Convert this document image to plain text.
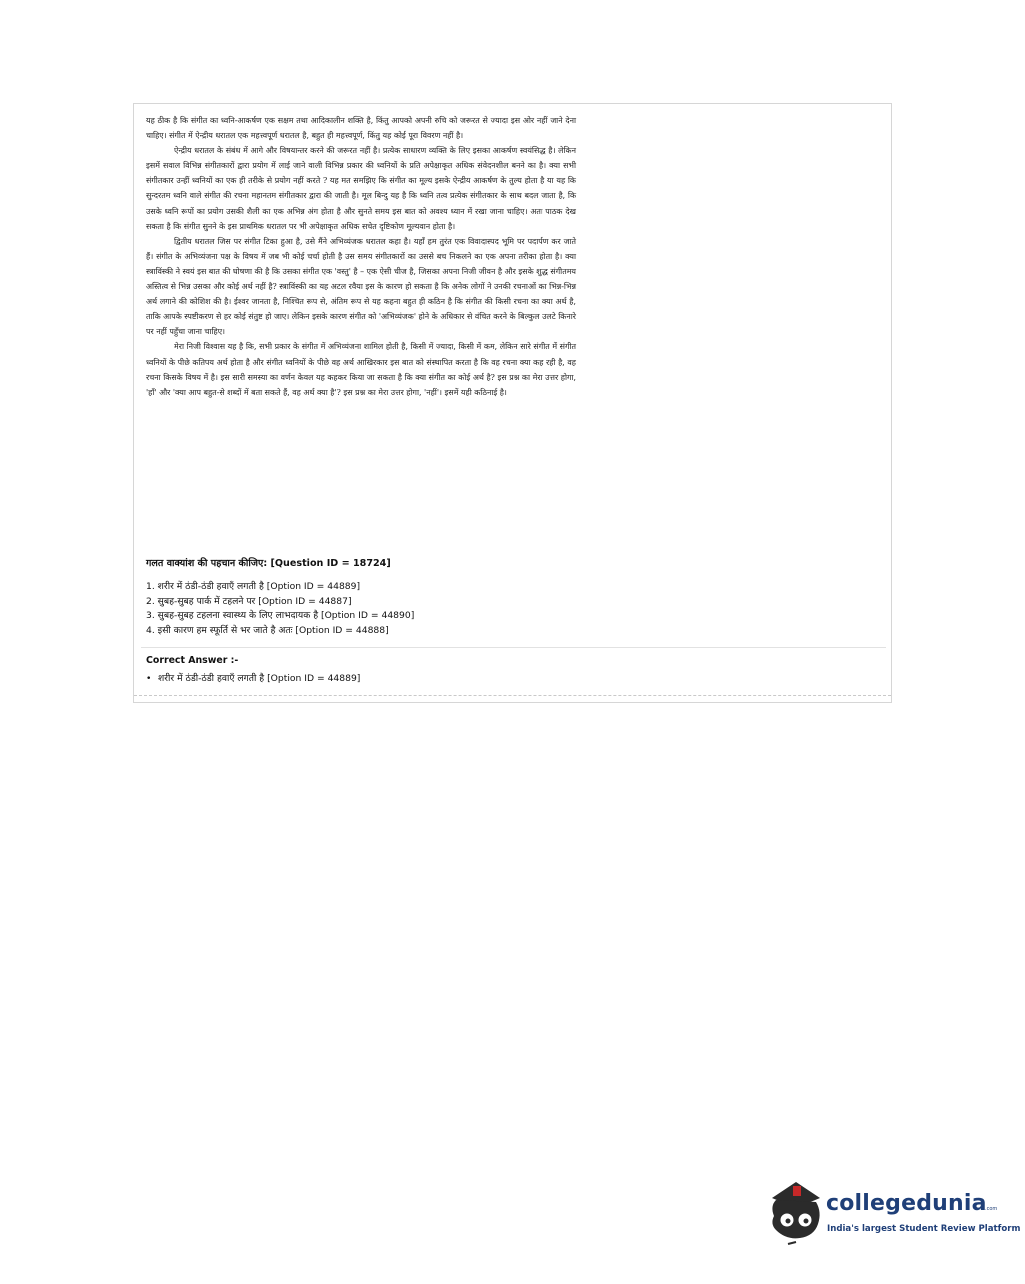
यह ठीक है कि संगीत का ध्वनि-आकर्षण एक सक्षम तथा आदिकालीन शक्ति है, किंतु आपको अपनी रुचि को जरूरत से ज्यादा इस ओर नहीं जाने देना चाहिए। संगीत में ऐन्द्रीय धरातल एक महत्त्वपूर्ण धरातल है, बहुत ही महत्त्वपूर्ण, किंतु यह कोई पूरा विवरण नहीं है।

ऐन्द्रीय धरातल के संबंध में आगे और विषयान्तर करने की जरूरत नहीं है। प्रत्येक साधारण व्यक्ति के लिए इसका आकर्षण स्वयंसिद्ध है। लेकिन इसमें सवाल विभिन्न संगीतकारों द्वारा प्रयोग में लाई जाने वाली विभिन्न प्रकार की ध्वनियों के प्रति अपेक्षाकृत अधिक संवेदनशील बनने का है। क्या सभी संगीतकार उन्हीं ध्वनियों का एक ही तरीके से प्रयोग नहीं करते ? यह मत समझिए कि संगीत का मूल्य इसके ऐन्द्रीय आकर्षण के तुल्य होता है या यह कि सुन्दरतम ध्वनि वाले संगीत की रचना महानतम संगीतकार द्वारा की जाती है। मूल बिन्दु यह है कि ध्वनि तत्व प्रत्येक संगीतकार के साथ बदल जाता है, कि उसके ध्वनि रूपों का प्रयोग उसकी शैली का एक अभिन्न अंग होता है और सुनते समय इस बात को अवश्य ध्यान में रखा जाना चाहिए। अतः पाठक देख सकता है कि संगीत सुनने के इस प्राथमिक धरातल पर भी अपेक्षाकृत अधिक सचेत दृष्टिकोण मूल्यवान होता है।

द्वितीय धरातल जिस पर संगीत टिका हुआ है, उसे मैंने अभिव्यंजक धरातल कहा है। यहाँ हम तुरंत एक विवादास्पद भूमि पर पदार्पण कर जाते हैं। संगीत के अभिव्यंजना पक्ष के विषय में जब भी कोई चर्चा होती है उस समय संगीतकारों का उससे बच निकलने का एक अपना तरीका होता है। क्या स्त्राविंस्की ने स्वयं इस बात की घोषणा की है कि उसका संगीत एक 'वस्तु' है – एक ऐसी चीज है, जिसका अपना निजी जीवन है और इसके शुद्ध संगीतमय अस्तित्व से भिन्न उसका और कोई अर्थ नहीं है? स्त्राविंस्की का यह अटल रवैया इस के कारण हो सकता है कि अनेक लोगों ने उनकी रचनाओं का भिन्न-भिन्न अर्थ लगाने की कोशिश की है। ईश्वर जानता है, निश्चित रूप से, अंतिम रूप से यह कहना बहुत ही कठिन है कि संगीत की किसी रचना का क्या अर्थ है, ताकि आपके स्पष्टीकरण से हर कोई संतुष्ट हो जाए। लेकिन इसके कारण संगीत को 'अभिव्यंजक' होने के अधिकार से वंचित करने के बिल्कुल उलटे किनारे पर नहीं पहुँचा जाना चाहिए।

मेरा निजी विश्वास यह है कि, सभी प्रकार के संगीत में अभिव्यंजना शामिल होती है, किसी में ज्यादा, किसी में कम, लेकिन सारे संगीत में संगीत ध्वनियों के पीछे कतिपय अर्थ होता है और संगीत ध्वनियों के पीछे वह अर्थ आखिरकार इस बात को संस्थापित करता है कि वह रचना क्या कह रही है, वह रचना किसके विषय में है। इस सारी समस्या का वर्णन केवल यह कहकर किया जा सकता है कि क्या संगीत का कोई अर्थ है? इस प्रश्न का मेरा उत्तर होगा, 'हाँ' और 'क्या आप बहुत-से शब्दों में बता सकते हैं, वह अर्थ क्या है'? इस प्रश्न का मेरा उत्तर होगा, 'नहीं'। इसमें यही कठिनाई है।

गलत वाक्यांश की पहचान कीजिए: [Question ID = 18724]
1. शरीर में ठंडी-ठंडी हवाएँ लगती है [Option ID = 44889]
2. सुबह-सुबह पार्क में टहलने पर [Option ID = 44887]
3. सुबह-सुबह टहलना स्वास्थ्य के लिए लाभदायक है [Option ID = 44890]
4. इसी कारण हम स्फूर्ति से भर जाते है अतः [Option ID = 44888]
Correct Answer :-
• शरीर में ठंडी-ठंडी हवाएँ लगती है [Option ID = 44889]
collegedunia
.com
India's largest Student Review Platform
